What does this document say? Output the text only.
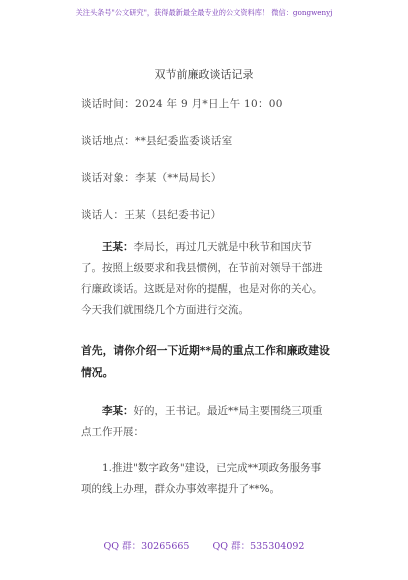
关注头条号"公文研究"，获得最新最全最专业的公文资料库！ 微信：gongwenyj
双节前廉政谈话记录
谈话时间：2024 年 9 月*日上午 10：00
谈话地点：**县纪委监委谈话室
谈话对象：李某（**局局长）
谈话人：王某（县纪委书记）
王某：李局长，再过几天就是中秋节和国庆节了。按照上级要求和我县惯例，在节前对领导干部进行廉政谈话。这既是对你的提醒，也是对你的关心。今天我们就围绕几个方面进行交流。
首先，请你介绍一下近期**局的重点工作和廉政建设情况。
李某：好的，王书记。最近**局主要围绕三项重点工作开展：
1.推进"数字政务"建设，已完成**项政务服务事项的线上办理，群众办事效率提升了**%。
QQ 群：30265665 QQ 群：535304092
